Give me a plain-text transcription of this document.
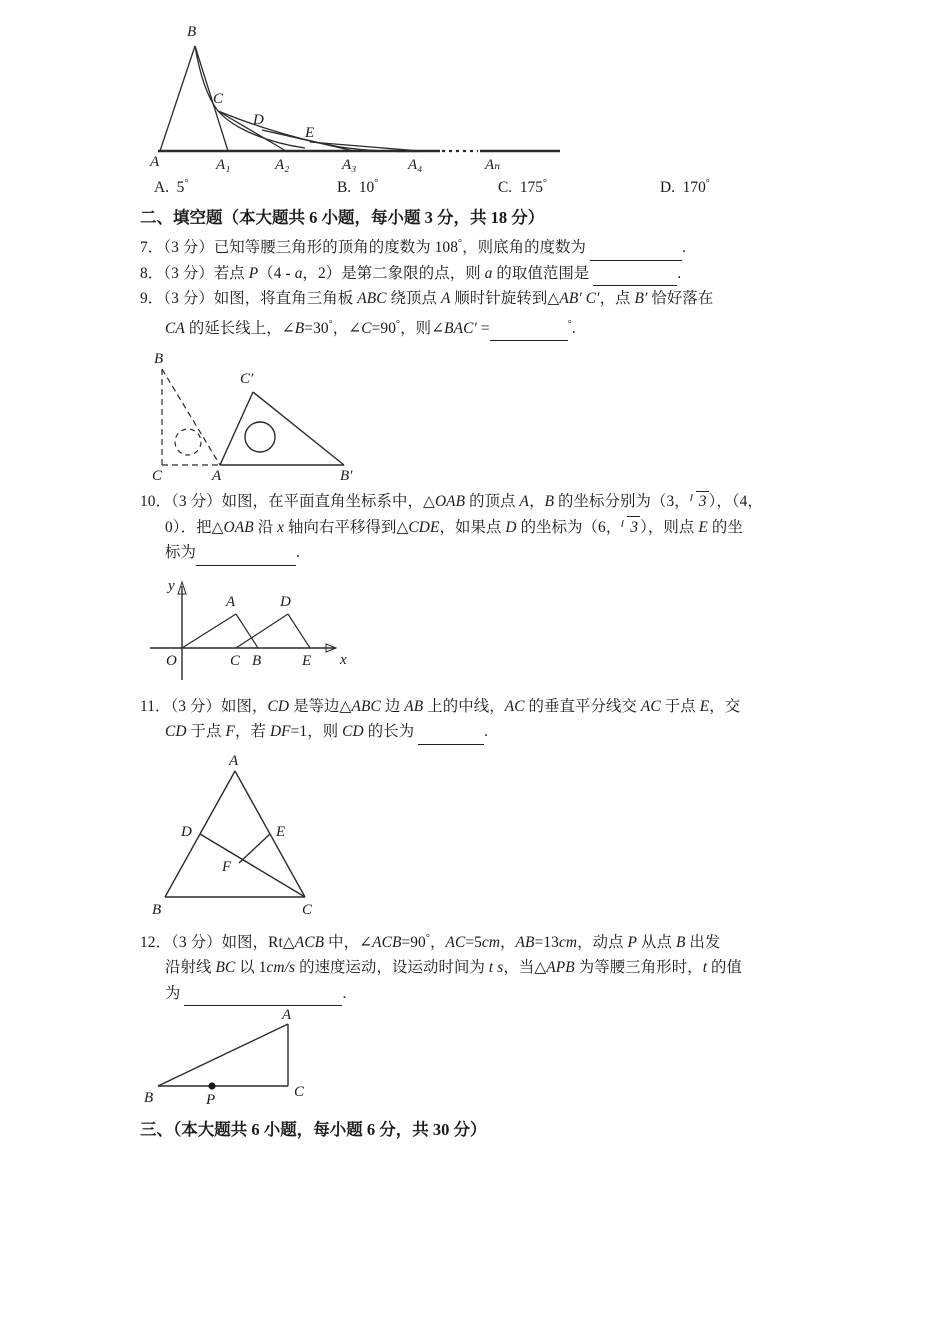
B
C
D
E
A	A₁	A₂	A₃	A₄	Aₙ
A. 5°	B. 10°	C. 175°	D. 170°
二、填空题（本大题共 6 小题，每小题 3 分，共 18 分）
7．（3 分）已知等腰三角形的顶角的度数为 108°，则底角的度数为	.
8．（3 分）若点 P（4 - a，2）是第二象限的点，则 a 的取值范围是	.
9．（3 分）如图，将直角三角板 ABC 绕顶点 A 顺时针旋转到△AB′ C′，点 B′ 恰好落在
CA 的延长线上，∠B=30°，∠C=90°，则∠BAC′ =	°.
B
C′
C	A	B′
10．（3 分）如图，在平面直角坐标系中，△OAB 的顶点 A，B 的坐标分别为（3， 3 ），（4，
0）．把△OAB 沿 x 轴向右平移得到△CDE，如果点 D 的坐标为（6， 3 ），则点 E 的坐
标为	.
y
x
O
A	D
C B	E
11．（3 分）如图，CD 是等边△ABC 边 AB 上的中线，AC 的垂直平分线交 AC 于点 E，交
CD 于点 F，若 DF=1，则 CD 的长为	.
A
D	E
F
B	C
12．（3 分）如图，Rt△ACB 中，∠ACB=90°，AC=5cm，AB=13cm，动点 P 从点 B 出发
沿射线 BC 以 1cm/s 的速度运动，设运动时间为 t s，当△APB 为等腰三角形时，t 的值
为	.
A
B	P	C
三、（本大题共 6 小题，每小题 6 分，共 30 分）
